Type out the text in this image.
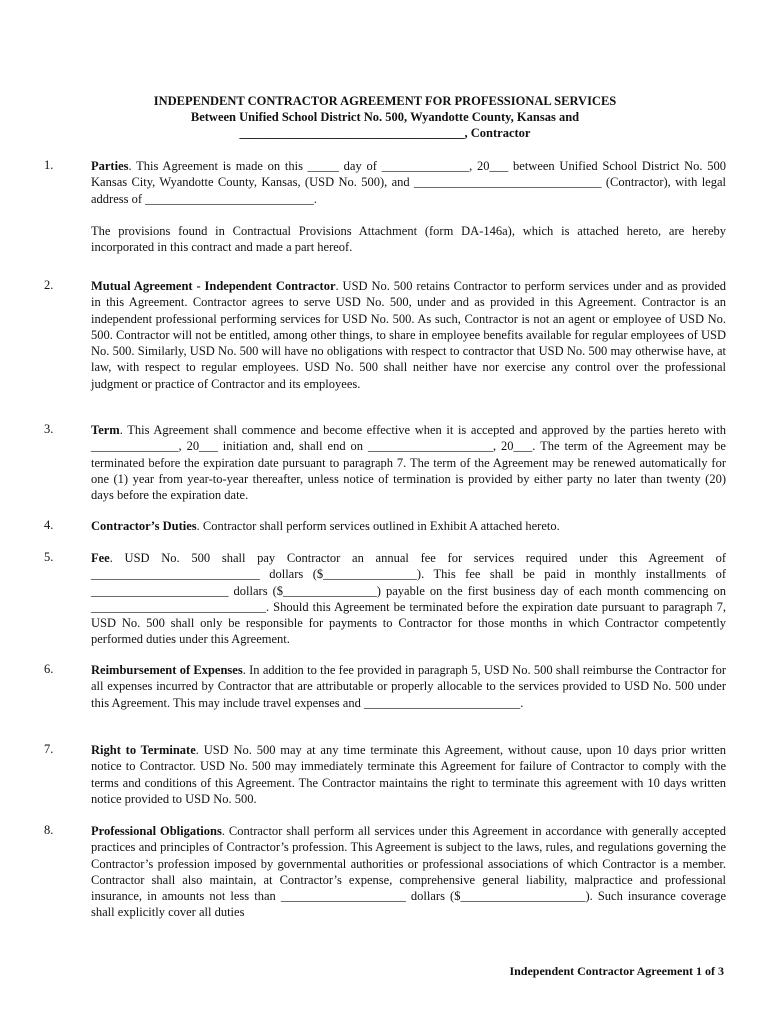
INDEPENDENT CONTRACTOR AGREEMENT FOR PROFESSIONAL SERVICES
Between Unified School District No. 500, Wyandotte County, Kansas and
____________________________________, Contractor
1.	Parties. This Agreement is made on this _____ day of ______________, 20___ between Unified School District No. 500 Kansas City, Wyandotte County, Kansas, (USD No. 500), and ______________________________ (Contractor), with legal address of ___________________________.
The provisions found in Contractual Provisions Attachment (form DA-146a), which is attached hereto, are hereby incorporated in this contract and made a part hereof.
2.	Mutual Agreement - Independent Contractor. USD No. 500 retains Contractor to perform services under and as provided in this Agreement. Contractor agrees to serve USD No. 500, under and as provided in this Agreement. Contractor is an independent professional performing services for USD No. 500. As such, Contractor is not an agent or employee of USD No. 500. Contractor will not be entitled, among other things, to share in employee benefits available for regular employees of USD No. 500. Similarly, USD No. 500 will have no obligations with respect to contractor that USD No. 500 may otherwise have, at law, with respect to regular employees. USD No. 500 shall neither have nor exercise any control over the professional judgment or practice of Contractor and its employees.
3.	Term. This Agreement shall commence and become effective when it is accepted and approved by the parties hereto with ______________, 20___ initiation and, shall end on ____________________, 20___. The term of the Agreement may be terminated before the expiration date pursuant to paragraph 7. The term of the Agreement may be renewed automatically for one (1) year from year-to-year thereafter, unless notice of termination is provided by either party no later than twenty (20) days before the expiration date.
4.	Contractor’s Duties. Contractor shall perform services outlined in Exhibit A attached hereto.
5.	Fee. USD No. 500 shall pay Contractor an annual fee for services required under this Agreement of ___________________________ dollars ($_______________). This fee shall be paid in monthly installments of ______________________ dollars ($_______________) payable on the first business day of each month commencing on ____________________________. Should this Agreement be terminated before the expiration date pursuant to paragraph 7, USD No. 500 shall only be responsible for payments to Contractor for those months in which Contractor competently performed duties under this Agreement.
6.	Reimbursement of Expenses. In addition to the fee provided in paragraph 5, USD No. 500 shall reimburse the Contractor for all expenses incurred by Contractor that are attributable or properly allocable to the services provided to USD No. 500 under this Agreement. This may include travel expenses and _________________________.
7.	Right to Terminate. USD No. 500 may at any time terminate this Agreement, without cause, upon 10 days prior written notice to Contractor. USD No. 500 may immediately terminate this Agreement for failure of Contractor to comply with the terms and conditions of this Agreement. The Contractor maintains the right to terminate this agreement with 10 days written notice provided to USD No. 500.
8.	Professional Obligations. Contractor shall perform all services under this Agreement in accordance with generally accepted practices and principles of Contractor’s profession. This Agreement is subject to the laws, rules, and regulations governing the Contractor’s profession imposed by governmental authorities or professional associations of which Contractor is a member. Contractor shall also maintain, at Contractor’s expense, comprehensive general liability, malpractice and professional insurance, in amounts not less than ____________________ dollars ($____________________). Such insurance coverage shall explicitly cover all duties
Independent Contractor Agreement 1 of 3
